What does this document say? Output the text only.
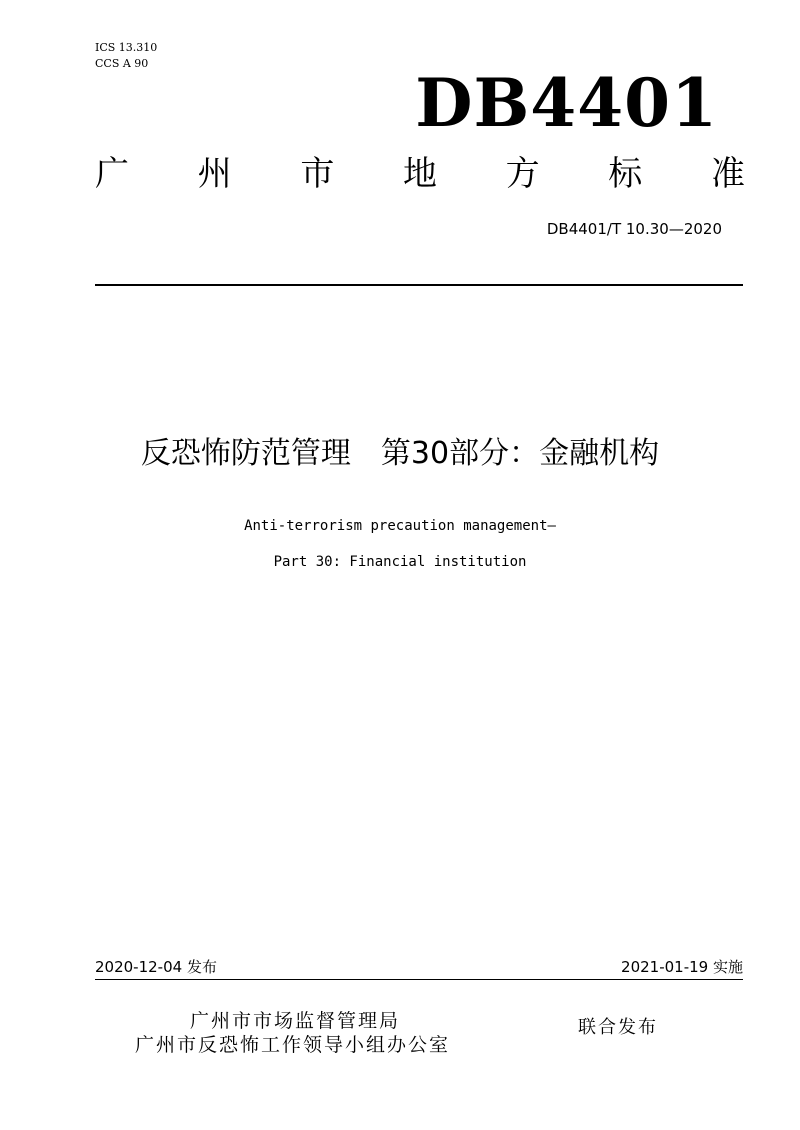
ICS 13.310
CCS A 90
DB4401
广 州 市 地 方 标 准
DB4401/T 10.30—2020
反恐怖防范管理　第30部分：金融机构
Anti-terrorism precaution management—
Part 30: Financial institution
2020-12-04 发布	2021-01-19 实施
广州市市场监督管理局
广州市反恐怖工作领导小组办公室
联合发布
